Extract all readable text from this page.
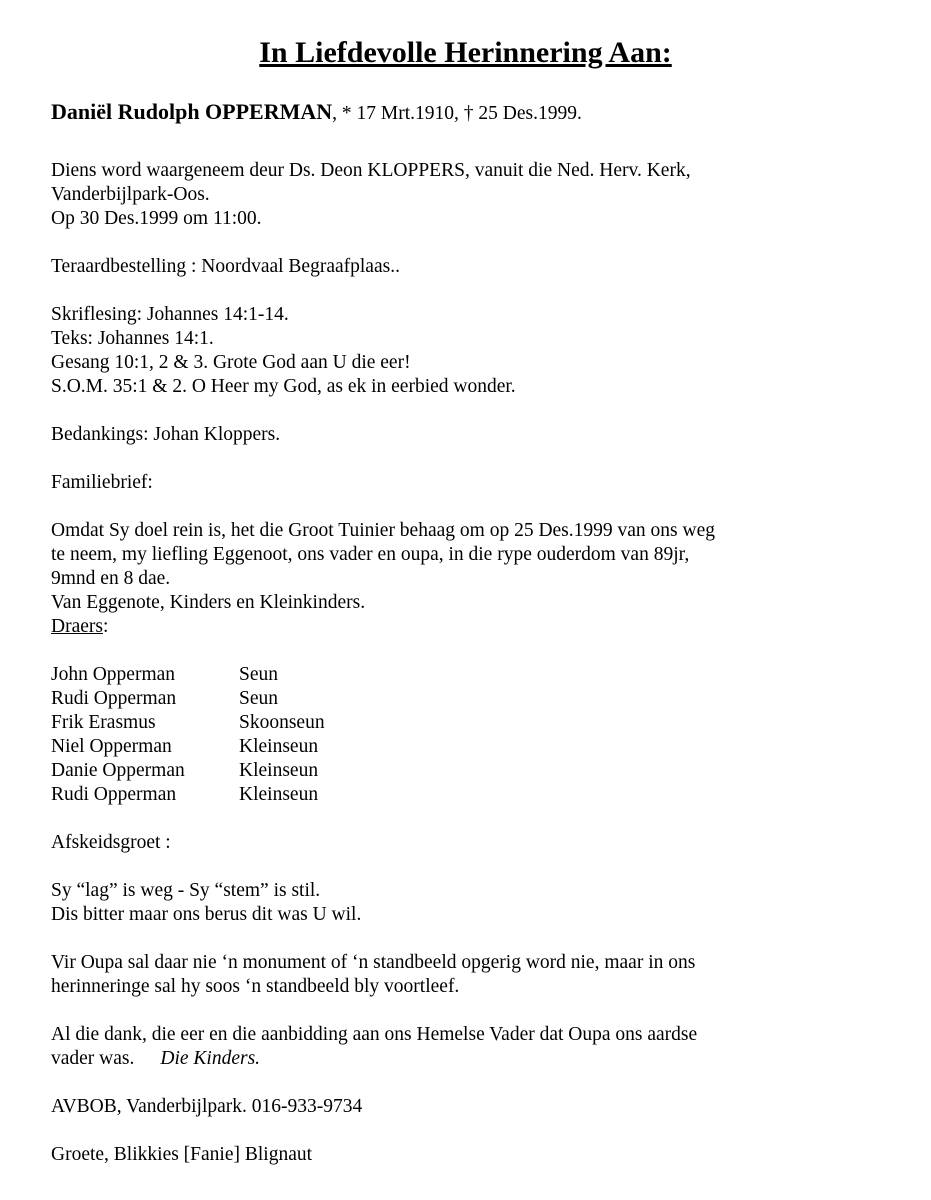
In Liefdevolle Herinnering Aan:

Daniël Rudolph OPPERMAN, * 17 Mrt.1910, † 25 Des.1999.

Diens word waargeneem deur Ds. Deon KLOPPERS, vanuit die Ned. Herv. Kerk,

Vanderbijlpark-Oos.

Op 30 Des.1999 om 11:00.

Teraardbestelling : Noordvaal Begraafplaas..

Skriflesing: Johannes 14:1-14.

Teks: Johannes 14:1.

Gesang 10:1, 2 & 3. Grote God aan U die eer!

S.O.M. 35:1 & 2. O Heer my God, as ek in eerbied wonder.

Bedankings: Johan Kloppers.

Familiebrief:

Omdat Sy doel rein is, het die Groot Tuinier behaag om op 25 Des.1999 van ons weg

te neem, my liefling Eggenoot, ons vader en oupa, in die rype ouderdom van 89jr,

9mnd en 8 dae.

Van Eggenote, Kinders en Kleinkinders.

Draers:

John Opperman	Seun
Rudi Opperman	Seun
Frik Erasmus	Skoonseun
Niel Opperman	Kleinseun
Danie Opperman	Kleinseun
Rudi Opperman	Kleinseun

Afskeidsgroet :

Sy “lag” is weg - Sy “stem” is stil.

Dis bitter maar ons berus dit was U wil.

Vir Oupa sal daar nie ‘n monument of ‘n standbeeld opgerig word nie, maar in ons

herinneringe sal hy soos ‘n standbeeld bly voortleef.

Al die dank, die eer en die aanbidding aan ons Hemelse Vader dat Oupa ons aardse

vader was. Die Kinders.

AVBOB, Vanderbijlpark. 016-933-9734

Groete, Blikkies [Fanie] Blignaut
